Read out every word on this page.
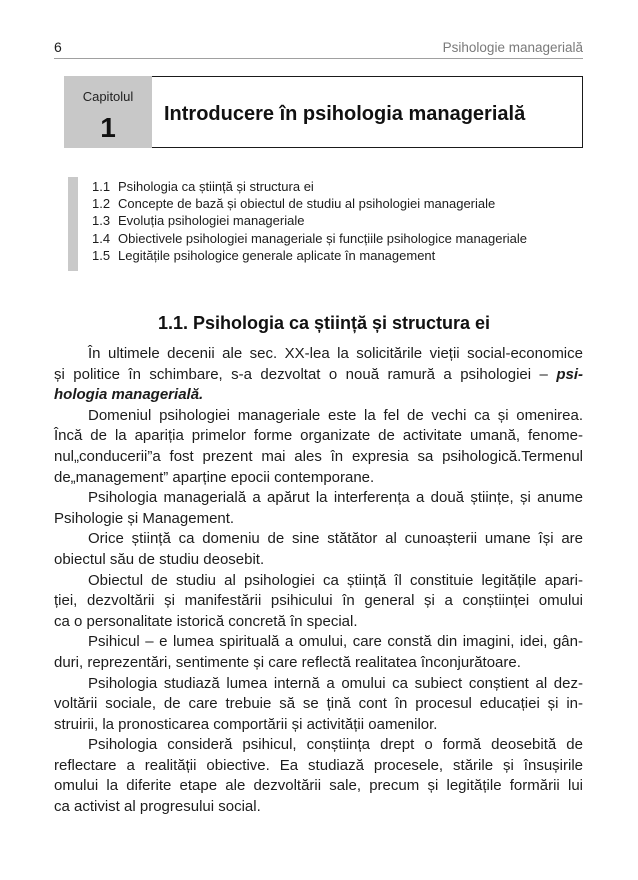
6	Psihologie managerială
Capitolul
1	Introducere în psihologia managerială
1.1 Psihologia ca știință și structura ei
1.2 Concepte de bază și obiectul de studiu al psihologiei manageriale
1.3 Evoluția psihologiei manageriale
1.4 Obiectivele psihologiei manageriale și funcțiile psihologice manageriale
1.5 Legitățile psihologice generale aplicate în management
1.1. Psihologia ca știință și structura ei
În ultimele decenii ale sec. XX-lea la solicitările vieții social-economice
și politice în schimbare, s-a dezvoltat o nouă ramură a psihologiei – psi-
hologia managerială.
Domeniul psihologiei manageriale este la fel de vechi ca și omenirea.
Încă de la apariția primelor forme organizate de activitate umană, fenome-
nul„conducerii”a fost prezent mai ales în expresia sa psihologică.Termenul
de„management” aparține epocii contemporane.
Psihologia managerială a apărut la interferența a două științe, și anume
Psihologie și Management.
Orice știință ca domeniu de sine stătător al cunoașterii umane își are
obiectul său de studiu deosebit.
Obiectul de studiu al psihologiei ca știință îl constituie legitățile apari-
ției, dezvoltării și manifestării psihicului în general și a conștiinței omului
ca o personalitate istorică concretă în special.
Psihicul – e lumea spirituală a omului, care constă din imagini, idei, gân-
duri, reprezentări, sentimente și care reflectă realitatea înconjurătoare.
Psihologia studiază lumea internă a omului ca subiect conștient al dez-
voltării sociale, de care trebuie să se țină cont în procesul educației și in-
struirii, la pronosticarea comportării și activității oamenilor.
Psihologia consideră psihicul, conștiința drept o formă deosebită de
reflectare a realității obiective. Ea studiază procesele, stările și însușirile
omului la diferite etape ale dezvoltării sale, precum și legitățile formării lui
ca activist al progresului social.
